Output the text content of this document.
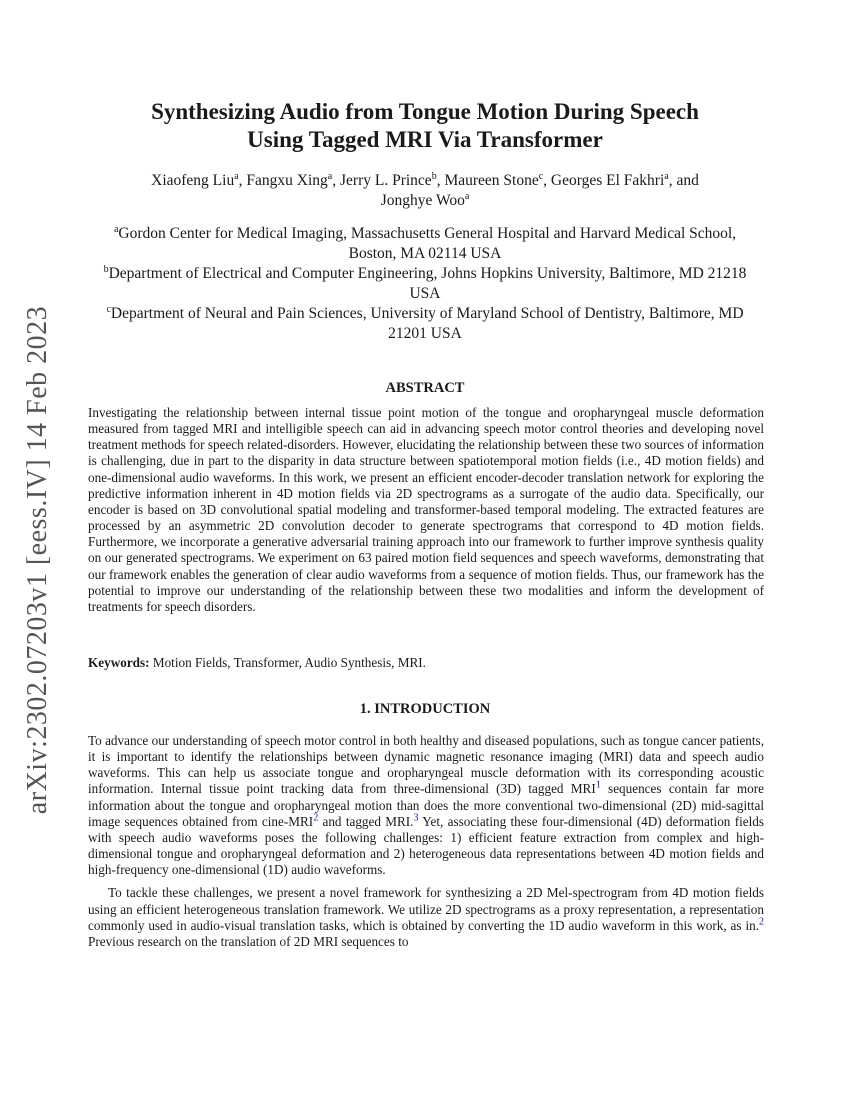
arXiv:2302.07203v1 [eess.IV] 14 Feb 2023
Synthesizing Audio from Tongue Motion During Speech
Using Tagged MRI Via Transformer
Xiaofeng Liu$^a$, Fangxu Xing$^a$, Jerry L. Prince$^b$, Maureen Stone$^c$, Georges El Fakhri$^a$, and
Jonghye Woo$^a$
$^a$Gordon Center for Medical Imaging, Massachusetts General Hospital and Harvard Medical School, Boston, MA 02114 USA
$^b$Department of Electrical and Computer Engineering, Johns Hopkins University, Baltimore, MD 21218 USA
$^c$Department of Neural and Pain Sciences, University of Maryland School of Dentistry, Baltimore, MD 21201 USA
ABSTRACT

Investigating the relationship between internal tissue point motion of the tongue and oropharyngeal muscle deformation measured from tagged MRI and intelligible speech can aid in advancing speech motor control theories and developing novel treatment methods for speech related-disorders. However, elucidating the relationship between these two sources of information is challenging, due in part to the disparity in data structure between spatiotemporal motion fields (i.e., 4D motion fields) and one-dimensional audio waveforms. In this work, we present an efficient encoder-decoder translation network for exploring the predictive information inherent in 4D motion fields via 2D spectrograms as a surrogate of the audio data. Specifically, our encoder is based on 3D convolutional spatial modeling and transformer-based temporal modeling. The extracted features are processed by an asymmetric 2D convolution decoder to generate spectrograms that correspond to 4D motion fields. Furthermore, we incorporate a generative adversarial training approach into our framework to further improve synthesis quality on our generated spectrograms. We experiment on 63 paired motion field sequences and speech waveforms, demonstrating that our framework enables the generation of clear audio waveforms from a sequence of motion fields. Thus, our framework has the potential to improve our understanding of the relationship between these two modalities and inform the development of treatments for speech disorders.

Keywords: Motion Fields, Transformer, Audio Synthesis, MRI.

1. INTRODUCTION

To advance our understanding of speech motor control in both healthy and diseased populations, such as tongue cancer patients, it is important to identify the relationships between dynamic magnetic resonance imaging (MRI) data and speech audio waveforms. This can help us associate tongue and oropharyngeal muscle deformation with its corresponding acoustic information. Internal tissue point tracking data from three-dimensional (3D) tagged MRI$^1$ sequences contain far more information about the tongue and oropharyngeal motion than does the more conventional two-dimensional (2D) mid-sagittal image sequences obtained from cine-MRI$^2$ and tagged MRI.$^3$ Yet, associating these four-dimensional (4D) deformation fields with speech audio waveforms poses the following challenges: 1) efficient feature extraction from complex and high-dimensional tongue and oropharyngeal deformation and 2) heterogeneous data representations between 4D motion fields and high-frequency one-dimensional (1D) audio waveforms.

To tackle these challenges, we present a novel framework for synthesizing a 2D Mel-spectrogram from 4D motion fields using an efficient heterogeneous translation framework. We utilize 2D spectrograms as a proxy representation, a representation commonly used in audio-visual translation tasks, which is obtained by converting the 1D audio waveform in this work, as in.$^2$ Previous research on the translation of 2D MRI sequences to
